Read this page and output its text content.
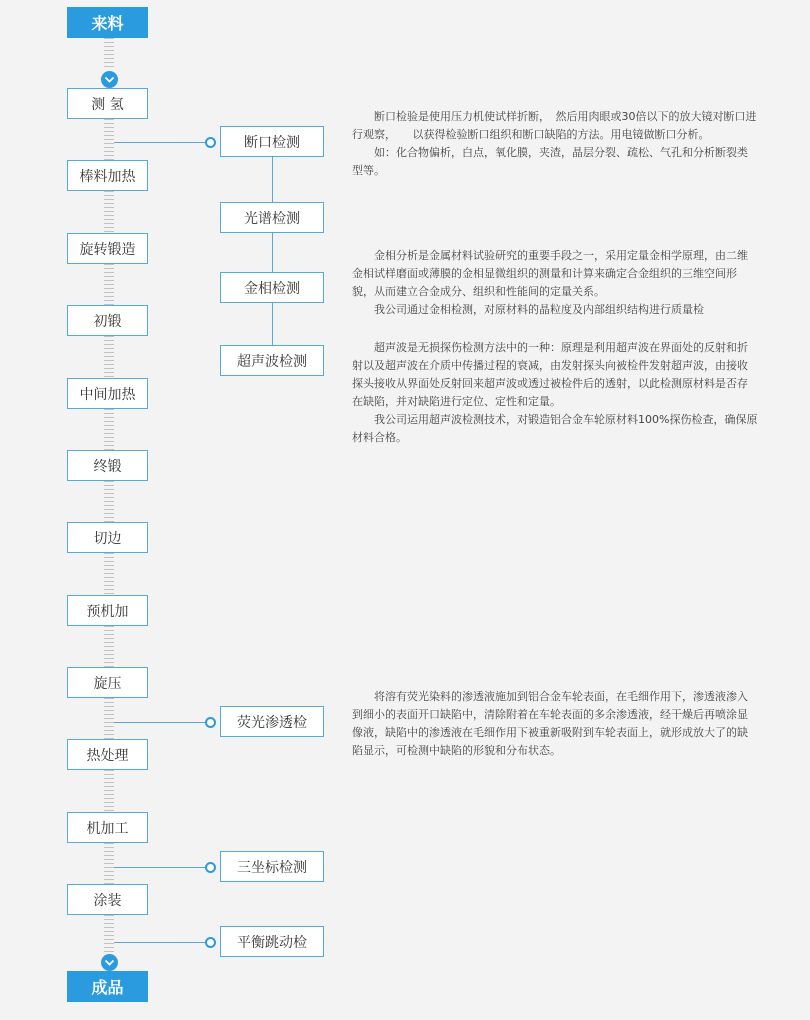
来料
成品
测 氢
棒料加热
旋转锻造
初锻
中间加热
终锻
切边
预机加
旋压
热处理
机加工
涂装
断口检测
光谱检测
金相检测
超声波检测
荧光渗透检
三坐标检测
平衡跳动检

断口检验是使用压力机使试样折断，　然后用肉眼或30倍以下的放大镜对断口进行观察，　　以获得检验断口组织和断口缺陷的方法。用电镜做断口分析。

如：化合物偏析，白点，氧化膜，夹渣，晶层分裂、疏松、气孔和分析断裂类型等。

金相分析是金属材料试验研究的重要手段之一，采用定量金相学原理，由二维金相试样磨面或薄膜的金相显微组织的测量和计算来确定合金组织的三维空间形貌，从而建立合金成分、组织和性能间的定量关系。

我公司通过金相检测，对原材料的晶粒度及内部组织结构进行质量检

超声波是无损探伤检测方法中的一种：原理是利用超声波在界面处的反射和折射以及超声波在介质中传播过程的衰减，由发射探头向被检件发射超声波，由接收探头接收从界面处反射回来超声波或透过被检件后的透射，以此检测原材料是否存在缺陷，并对缺陷进行定位、定性和定量。

我公司运用超声波检测技术，对锻造铝合金车轮原材料100%探伤检查，确保原材料合格。

将溶有荧光染料的渗透液施加到铝合金车轮表面，在毛细作用下，渗透液渗入到细小的表面开口缺陷中，清除附着在车轮表面的多余渗透液，经干燥后再喷涂显像液，缺陷中的渗透液在毛细作用下被重新吸附到车轮表面上，就形成放大了的缺陷显示，可检测中缺陷的形貌和分布状态。
